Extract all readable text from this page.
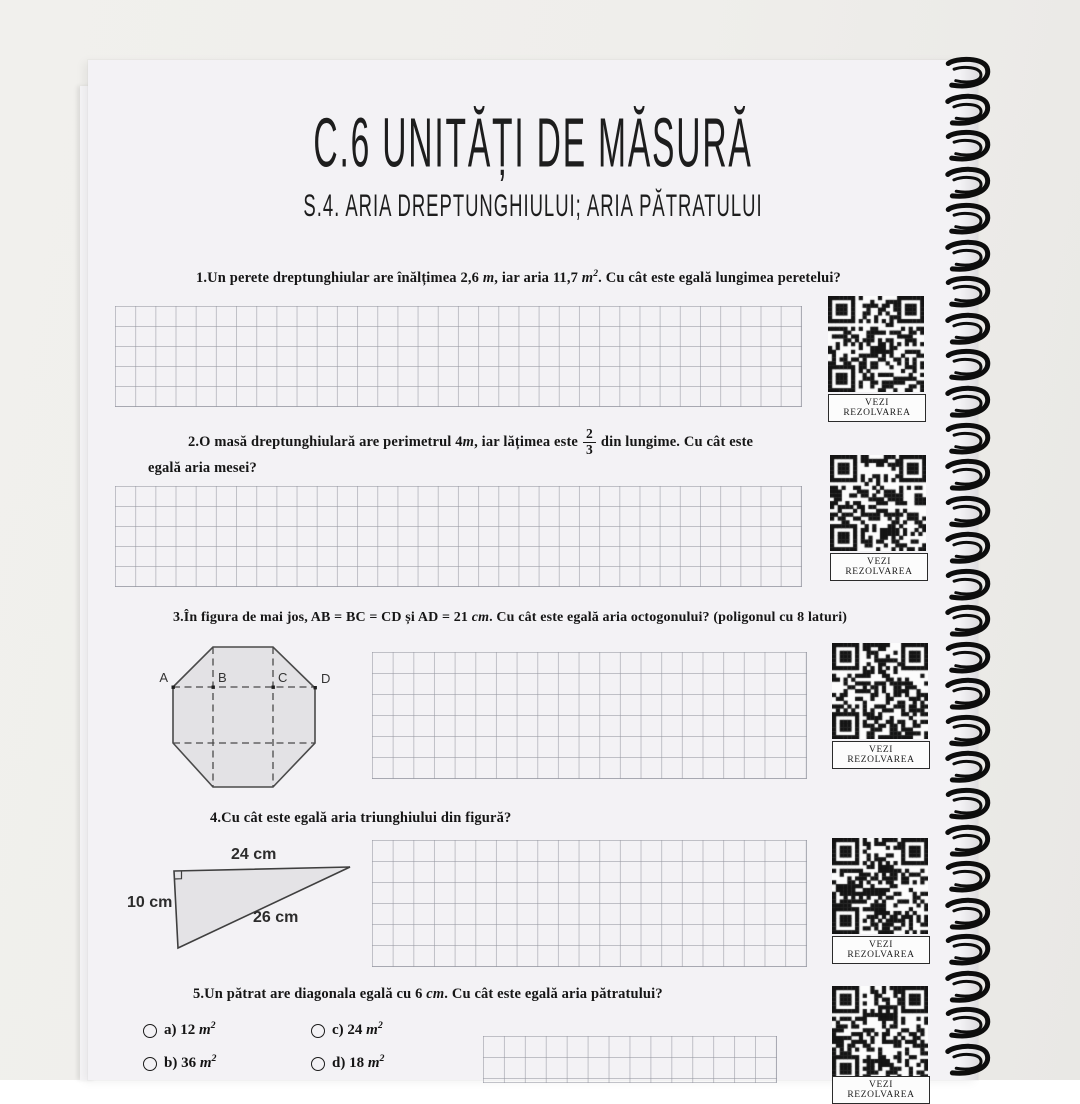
C.6 UNITĂȚI DE MĂSURĂ
S.4. ARIA DREPTUNGHIULUI; ARIA PĂTRATULUI
1.Un perete dreptunghiular are înălțimea 2,6 m, iar aria 11,7 $m^2$. Cu cât este egală lungimea peretelui?
VEZI REZOLVAREA
2.O masă dreptunghiulară are perimetrul 4 m , iar lățimea este $\frac{2}{3}$ din lungime. Cu cât este
egală aria mesei?
VEZI REZOLVAREA
3.În figura de mai jos, AB = BC = CD și AD = 21 cm. Cu cât este egală aria octogonului? (poligonul cu 8 laturi)
A	B	C	D
VEZI REZOLVAREA
4.Cu cât este egală aria triunghiului din figură?
24 cm
10 cm
26 cm
VEZI REZOLVAREA
5.Un pătrat are diagonala egală cu 6 cm. Cu cât este egală aria pătratului?
a) 12 $m^2$	c) 24 $m^2$
b) 36 $m^2$	d) 18 $m^2$
VEZI REZOLVAREA
